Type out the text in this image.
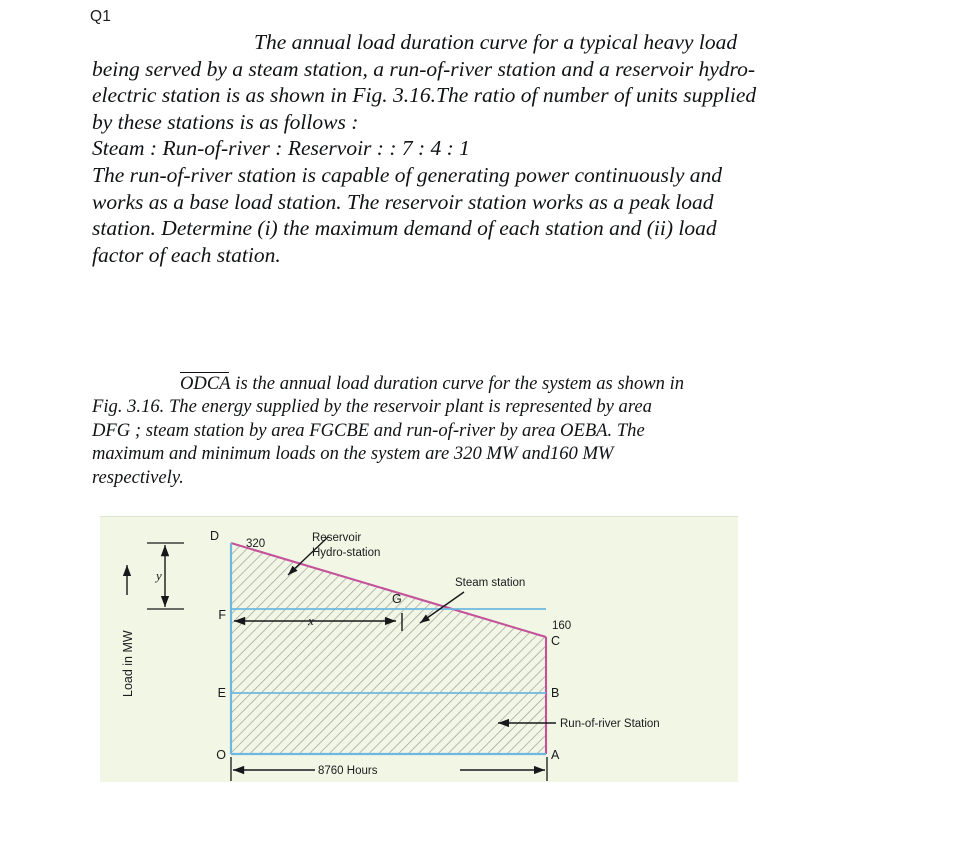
Q1
The annual load duration curve for a typical heavy load
being served by a steam station, a run-of-river station and a reservoir hydro-
electric station is as shown in Fig. 3.16.The ratio of number of units supplied
by these stations is as follows :
Steam : Run-of-river : Reservoir : : 7 : 4 : 1
The run-of-river station is capable of generating power continuously and
works as a base load station. The reservoir station works as a peak load
station. Determine (i) the maximum demand of each station and (ii) load
factor of each station.
ODCA is the annual load duration curve for the system as shown in
Fig. 3.16. The energy supplied by the reservoir plant is represented by area
DFG ; steam station by area FGCBE and run-of-river by area OEBA. The
maximum and minimum loads on the system are 320 MW and160 MW
respectively.
y
x
8760 Hours
Load in MW
Reservoir
Hydro-station
Steam station
Run-of-river Station
320
160
D
F
E
O
G
C
B
A
